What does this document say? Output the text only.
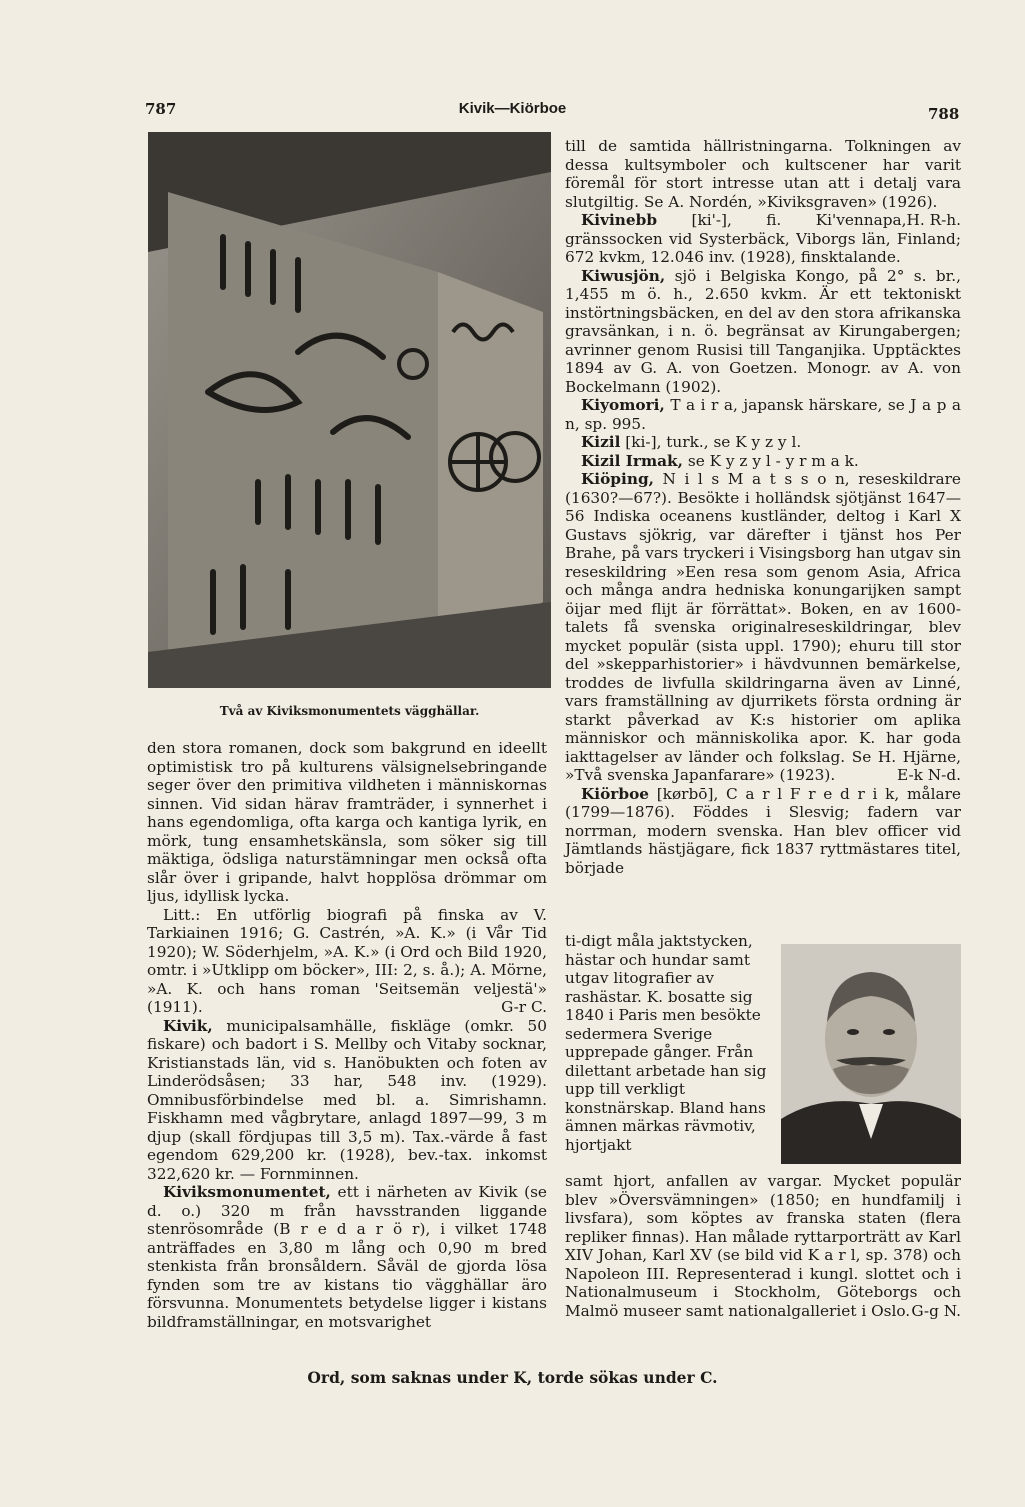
787	Kivik—Kiörboe	788
Två av Kiviksmonumentets vägghällar.

den stora romanen, dock som bakgrund en ideellt optimistisk tro på kulturens välsignelsebringande seger över den primitiva vildheten i människornas sinnen. Vid sidan härav framträder, i synnerhet i hans egendomliga, ofta karga och kantiga lyrik, en mörk, tung ensamhetskänsla, som söker sig till mäktiga, ödsliga naturstämningar men också ofta slår över i gripande, halvt hopplösa drömmar om ljus, idyllisk lycka.

Litt.: En utförlig biografi på finska av V. Tarkiainen 1916; G. Castrén, »A. K.» (i Vår Tid 1920); W. Söderhjelm, »A. K.» (i Ord och Bild 1920, omtr. i »Utklipp om böcker», III: 2, s. å.); A. Mörne, »A. K. och hans roman 'Seitsemän veljestä'» (1911).	G-r C.

Kivik, municipalsamhälle, fiskläge (omkr. 50 fiskare) och badort i S. Mellby och Vitaby socknar, Kristianstads län, vid s. Hanöbukten och foten av Linderödsåsen; 33 har, 548 inv. (1929). Omnibusförbindelse med bl. a. Simrishamn. Fiskhamn med vågbrytare, anlagd 1897—99, 3 m djup (skall fördjupas till 3,5 m). Tax.-värde å fast egendom 629,200 kr. (1928), bev.-tax. inkomst 322,620 kr. — Fornminnen.

Kiviksmonumentet, ett i närheten av Kivik (se d. o.) 320 m från havsstranden liggande stenrösområde (B r e d a r ö r), i vilket 1748 anträffades en 3,80 m lång och 0,90 m bred stenkista från bronsåldern. Såväl de gjorda lösa fynden som tre av kistans tio vägghällar äro försvunna. Monumentets betydelse ligger i kistans bildframställningar, en motsvarighet

till de samtida hällristningarna. Tolkningen av dessa kultsymboler och kultscener har varit föremål för stort intresse utan att i detalj vara slutgiltig. Se A. Nordén, »Kiviksgraven» (1926).
H. R-h.

Kivinebb [ki'-], fi. Ki'vennapa, gränssocken vid Systerbäck, Viborgs län, Finland; 672 kvkm, 12.046 inv. (1928), finsktalande.

Kiwusjön, sjö i Belgiska Kongo, på 2° s. br., 1,455 m ö. h., 2.650 kvkm. Är ett tektoniskt instörtningsbäcken, en del av den stora afrikanska gravsänkan, i n. ö. begränsat av Kirungabergen; avrinner genom Rusisi till Tanganjika. Upptäcktes 1894 av G. A. von Goetzen. Monogr. av A. von Bockelmann (1902).

Kiyomori, T a i r a, japansk härskare, se J a p a n, sp. 995.

Kizil [ki-], turk., se K y z y l.

Kizil Irmak, se K y z y l - y r m a k.

Kiöping, N i l s M a t s s o n, reseskildrare (1630?—67?). Besökte i holländsk sjötjänst 1647—56 Indiska oceanens kustländer, deltog i Karl X Gustavs sjökrig, var därefter i tjänst hos Per Brahe, på vars tryckeri i Visingsborg han utgav sin reseskildring »Een resa som genom Asia, Africa och många andra hedniska konungarijken sampt öijar med flijt är förrättat». Boken, en av 1600-talets få svenska originalreseskildringar, blev mycket populär (sista uppl. 1790); ehuru till stor del »skepparhistorier» i hävdvunnen bemärkelse, troddes de livfulla skildringarna även av Linné, vars framställning av djurrikets första ordning är starkt påverkad av K:s historier om aplika människor och människolika apor. K. har goda iakttagelser av länder och folkslag. Se H. Hjärne, »Två svenska Japanfarare» (1923).	E-k N-d.

Kiörboe [kørbō], C a r l F r e d r i k, målare (1799—1876). Föddes i Slesvig; fadern var norrman, modern svenska. Han blev officer vid Jämtlands hästjägare, fick 1837 ryttmästares titel, började

ti-digt måla jaktstycken, hästar och hundar samt utgav litografier av rashästar. K. bosatte sig 1840 i Paris men besökte sedermera Sverige upprepade gånger. Från dilettant arbetade han sig upp till verkligt konstnärskap. Bland hans ämnen märkas rävmotiv, hjortjakt

samt hjort, anfallen av vargar. Mycket populär blev »Översvämningen» (1850; en hundfamilj i livsfara), som köptes av franska staten (flera repliker finnas). Han målade ryttarporträtt av Karl XIV Johan, Karl XV (se bild vid K a r l, sp. 378) och Napoleon III. Representerad i kungl. slottet och i Nationalmuseum i Stockholm, Göteborgs och Malmö museer samt nationalgalleriet i Oslo. G-g N.

Ord, som saknas under K, torde sökas under C.
